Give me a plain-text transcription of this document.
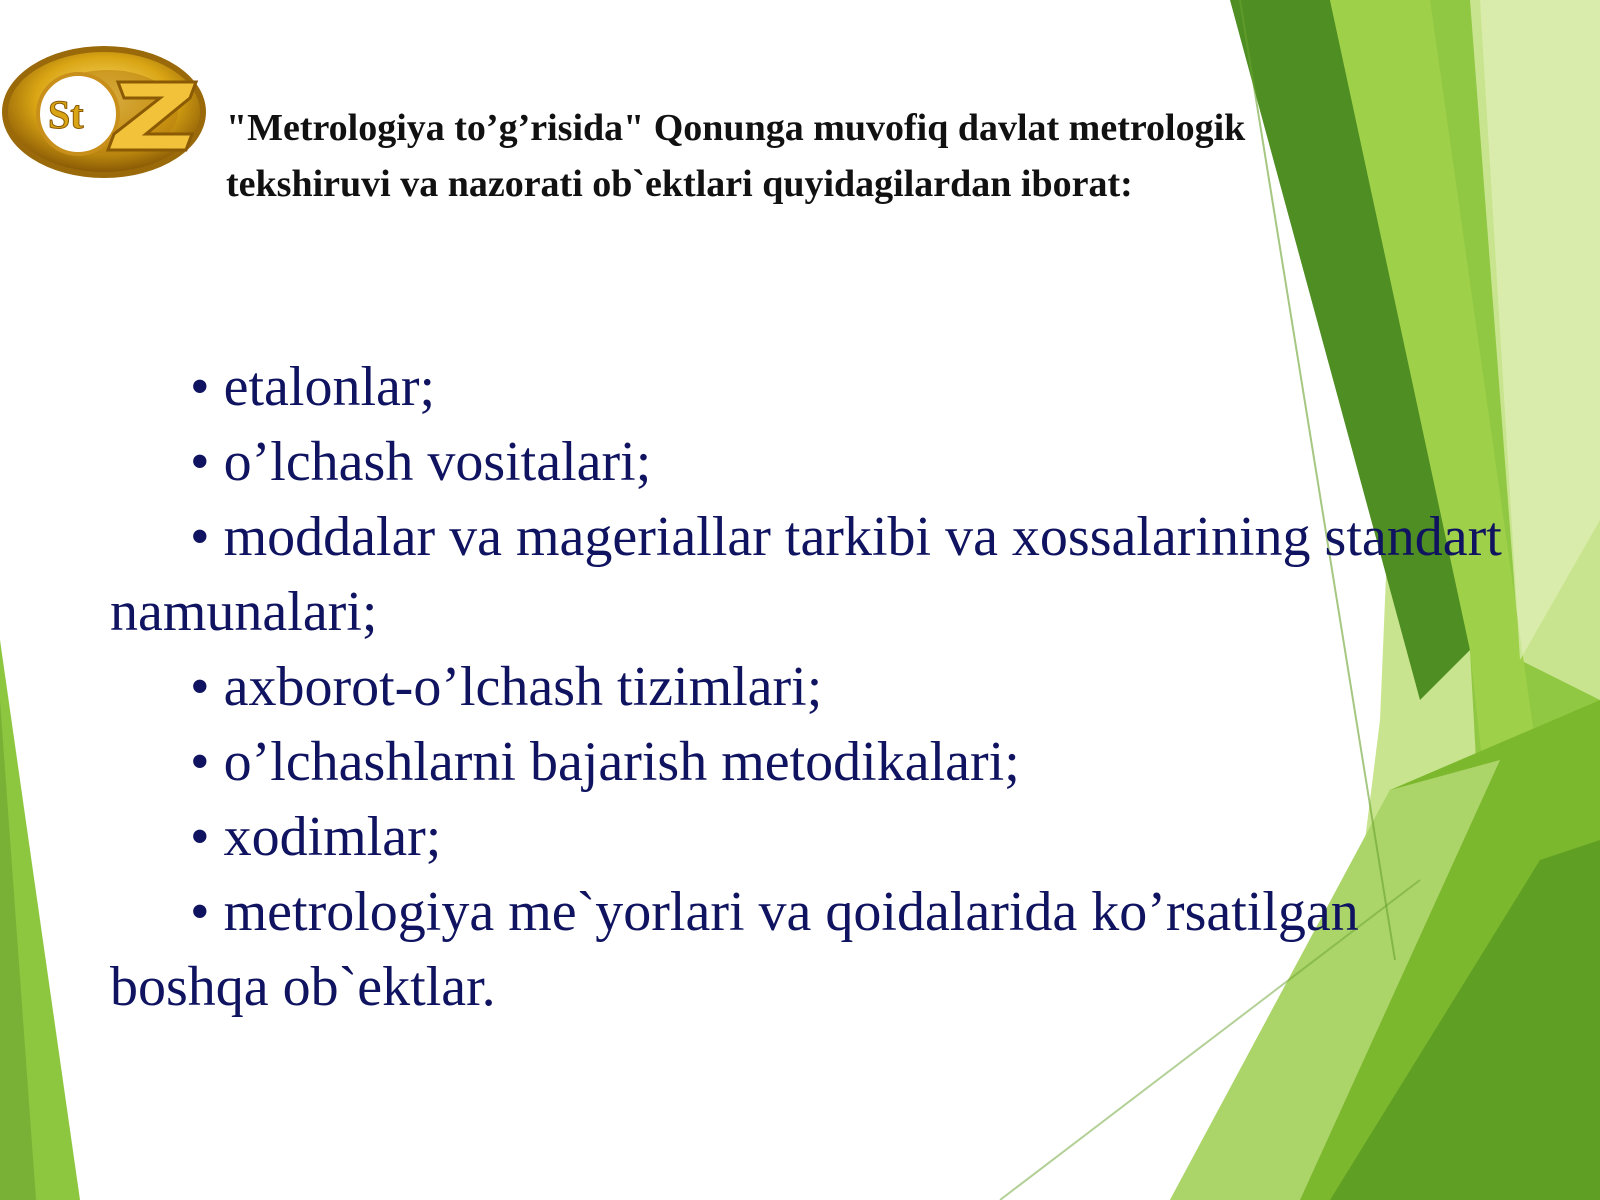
St	"Metrologiya to’g’risida" Qonunga muvofiq davlat metrologik
tekshiruvi va nazorati ob`ektlari quyidagilardan iborat:

• etalonlar;

• o’lchash vositalari;

• moddalar va mageriallar tarkibi va xossalarining standart namunalari;

• axborot-o’lchash tizimlari;

• o’lchashlarni bajarish metodikalari;

• xodimlar;

• metrologiya me`yorlari va qoidalarida ko’rsatilgan boshqa ob`ektlar.
